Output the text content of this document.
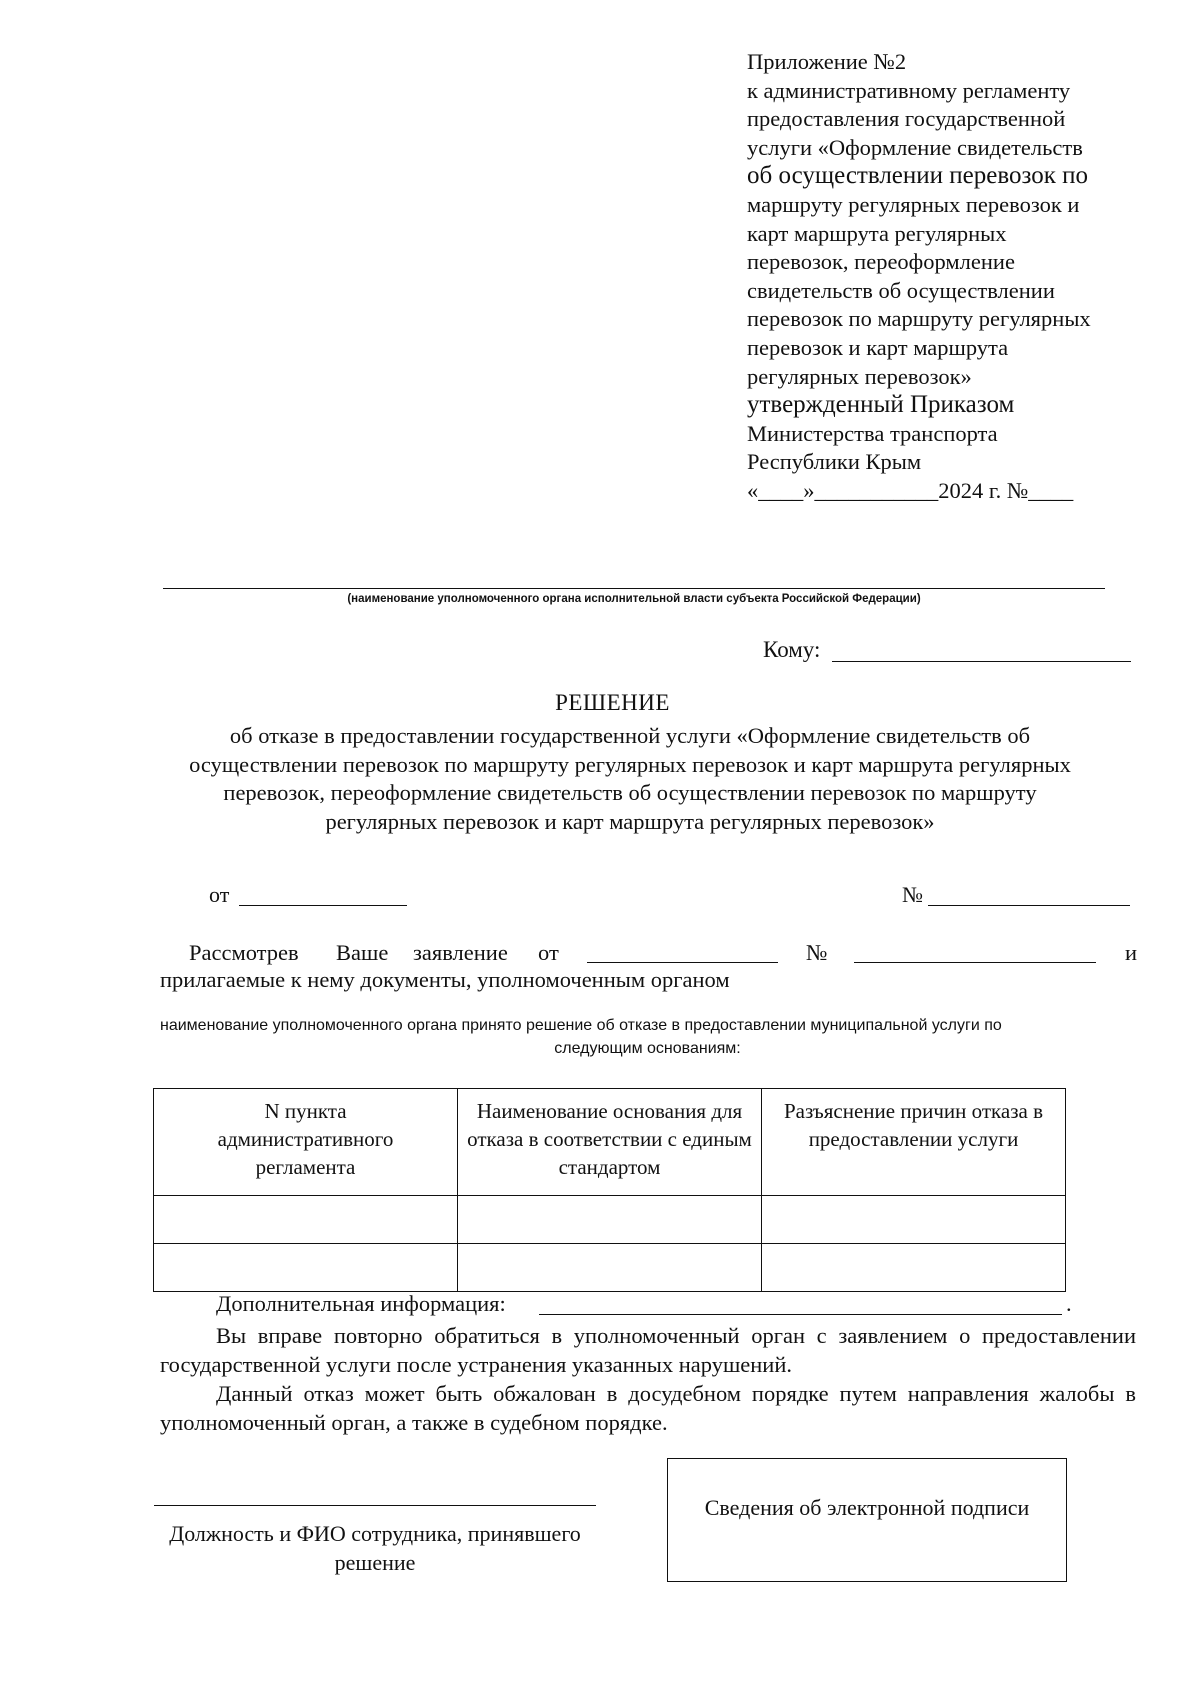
Приложение №2
к административному регламенту
предоставления государственной
услуги «Оформление свидетельств
об осуществлении перевозок по
маршруту регулярных перевозок и
карт маршрута регулярных
перевозок, переоформление
свидетельств об осуществлении
перевозок по маршруту регулярных
перевозок и карт маршрута
регулярных перевозок»
утвержденный Приказом
Министерства транспорта
Республики Крым
«____»___________2024 г. №____
(наименование уполномоченного органа исполнительной власти субъекта Российской Федерации)
Кому:
РЕШЕНИЕ
об отказе в предоставлении государственной услуги «Оформление свидетельств об осуществлении перевозок по маршруту регулярных перевозок и карт маршрута регулярных перевозок, переоформление свидетельств об осуществлении перевозок по маршруту регулярных перевозок и карт маршрута регулярных перевозок»
от	№
Рассмотрев Ваше заявление от	№	и
прилагаемые к нему документы, уполномоченным органом
наименование уполномоченного органа принято решение об отказе в предоставлении муниципальной услуги по
следующим основаниям:
N пункта административного регламента	Наименование основания для отказа в соответствии с единым стандартом	Разъяснение причин отказа в предоставлении услуги

Дополнительная информация:	.
Вы вправе повторно обратиться в уполномоченный орган с заявлением о предоставлении государственной услуги после устранения указанных нарушений.
Данный отказ может быть обжалован в досудебном порядке путем направления жалобы в уполномоченный орган, а также в судебном порядке.
Должность и ФИО сотрудника, принявшего решение
Сведения об электронной подписи
